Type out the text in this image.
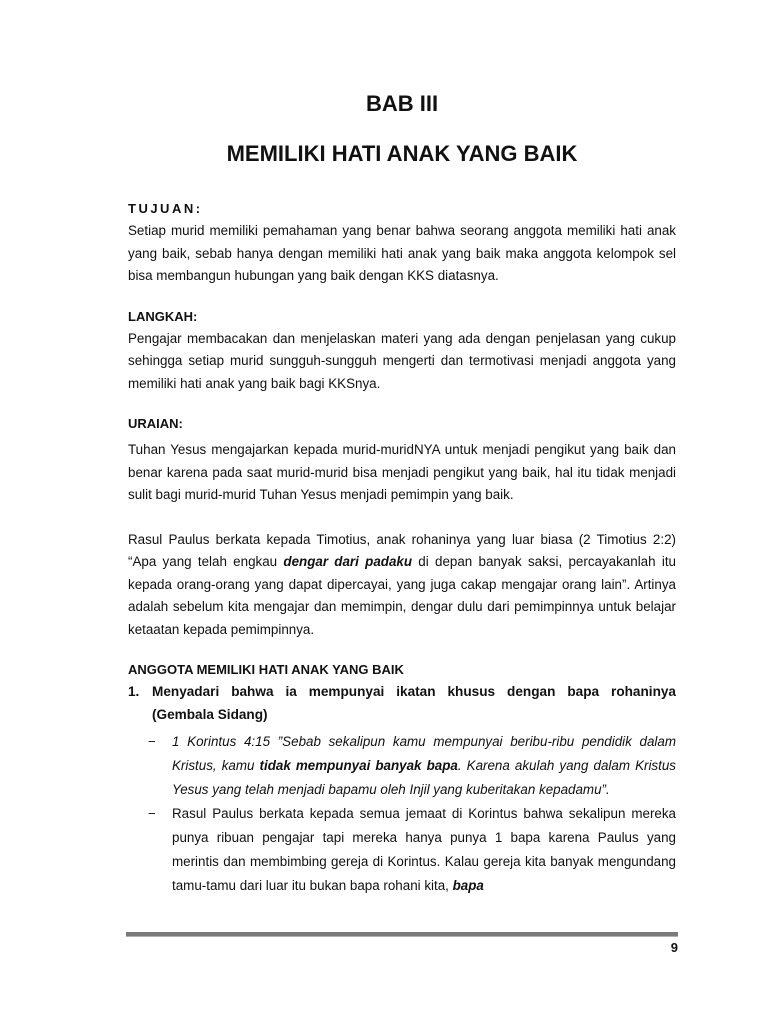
BAB III
MEMILIKI HATI ANAK YANG BAIK

TUJUAN:

Setiap murid memiliki pemahaman yang benar bahwa seorang anggota memiliki hati anak yang baik, sebab hanya dengan memiliki hati anak yang baik maka anggota kelompok sel bisa membangun hubungan yang baik dengan KKS diatasnya.

LANGKAH:

Pengajar membacakan dan menjelaskan materi yang ada dengan penjelasan yang cukup sehingga setiap murid sungguh-sungguh mengerti dan termotivasi menjadi anggota yang memiliki hati anak yang baik bagi KKSnya.

URAIAN:

Tuhan Yesus mengajarkan kepada murid-muridNYA untuk menjadi pengikut yang baik dan benar karena pada saat murid-murid bisa menjadi pengikut yang baik, hal itu tidak menjadi sulit bagi murid-murid Tuhan Yesus menjadi pemimpin yang baik.

Rasul Paulus berkata kepada Timotius, anak rohaninya yang luar biasa (2 Timotius 2:2) “Apa yang telah engkau dengar dari padaku di depan banyak saksi, percayakanlah itu kepada orang-orang yang dapat dipercayai, yang juga cakap mengajar orang lain”. Artinya adalah sebelum kita mengajar dan memimpin, dengar dulu dari pemimpinnya untuk belajar ketaatan kepada pemimpinnya.

ANGGOTA MEMILIKI HATI ANAK YANG BAIK

1. Menyadari bahwa ia mempunyai ikatan khusus dengan bapa rohaninya (Gembala Sidang)
− 1 Korintus 4:15 ”Sebab sekalipun kamu mempunyai beribu-ribu pendidik dalam Kristus, kamu tidak mempunyai banyak bapa. Karena akulah yang dalam Kristus Yesus yang telah menjadi bapamu oleh Injil yang kuberitakan kepadamu”.
− Rasul Paulus berkata kepada semua jemaat di Korintus bahwa sekalipun mereka punya ribuan pengajar tapi mereka hanya punya 1 bapa karena Paulus yang merintis dan membimbing gereja di Korintus. Kalau gereja kita banyak mengundang tamu-tamu dari luar itu bukan bapa rohani kita, bapa
9
